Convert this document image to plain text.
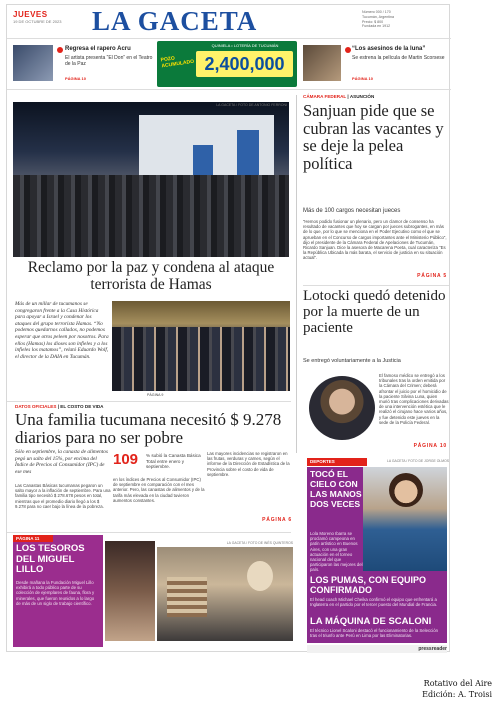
JUEVES
19 DE OCTUBRE DE 2023	LA GACETA	Número 000 / 170
Tucumán, Argentina
Precio: $ 800
Fundada en 1912
Regresa el rapero Acru
El artista presenta “El Don” en el Teatro de la Paz
PÁGINA 10
QUINIELA • LOTERÍA DE TUCUMÁN
POZO ACUMULADO 2,400,000
“Los asesinos de la luna”
Se estrena la película de Martin Scorsese
PÁGINA 10
LA GACETA / FOTO DE ANTONIO FERRONI
Reclamo por la paz y condena al ataque terrorista de Hamas
Más de un millar de tucumanos se congregaron frente a la Casa Histórica para apoyar a Israel y condenar los ataques del grupo terrorista Hamas. “No podemos quedarnos callados, no podemos esperar que otros peleen por nosotros. Para ellos (Hamas) los dioses son infieles y a los infieles los matamos”, relató Eduardo Wolf, el director de la DAIA en Tucumán.
PÁGINA 9
CÁMARA FEDERAL | ASUNCIÓN
Sanjuan pide que se cubran las vacantes y se deje la pelea política
Más de 100 cargos necesitan jueces
“Hemos podido fusionar un plenario, pero un clamor de consenso ha resultado de vacantes que hoy se cargan por jueces subrogantes, en más de lo que, por lo que se menciona en el Poder Ejecutivo como el que se aprueban en el Concurso de cargos importantes ante el Ministerio Público”, dijo el presidente de la Cámara Federal de Apelaciones de Tucumán, Ricardo Sanjuan. Dice la asesora de Macarena Poeta, cual caracteriza “Es la República Ubicada la más barata, el servicio de justicia en su situación actual”.
PÁGINA 5
Lotocki quedó detenido por la muerte de un paciente
Se entregó voluntariamente a la Justicia
El famoso médico se entregó a los tribunales tras la orden emitida por la Cámara del Crimen; deberá afrontar el juicio por el homicidio de la paciente Silvina Luna, quien murió tras complicaciones derivadas de una intervención estética que le realizó el cirujano hace varios años, y fue detenido este jueves en la sede de la Policía Federal.
PÁGINA 10
DATOS OFICIALES | EL COSTO DE VIDA
Una familia tucumana necesitó $ 9.278 diarios para no ser pobre
Sólo en septiembre, la canasta de alimentos pegó un salto del 15%, por encima del Índice de Precios al Consumidor (IPC) de ese mes
Las Canastas Básicas tucumanas pegaron un salto mayor a la inflación de septiembre. Para una familia tipo necesitó $ 278.678 pesos en total, mientras que el promedio diario llegó a los $ 9.278 para no caer bajo la línea de la pobreza.
109	% subió la Canasta Básica Total entre enero y septiembre.
en los índices de Precios al Consumidor (IPC) de septiembre en comparación con el mes anterior. Pero, las canastas de alimentos y de la tarifa más elevada en la ciudad tuvieron aumentos constantes.
Las mayores incidencias se registraron en las frutas, verduras y carnes, según el informe de la Dirección de Estadística de la Provincia sobre el costo de vida de septiembre.
PÁGINA 6
DEPORTES	LA GACETA / FOTO DE JORGE OLMOS
TOCÓ EL CIELO CON LAS MANOS DOS VECES
Lola Moreno Ibarra se proclamó campeona en patín artístico en Buenos Aires, con una gran actuación en el torneo nacional del que participaron las mejores del país.
LOS PUMAS, CON EQUIPO CONFIRMADO
El head coach Michael Cheika confirmó el equipo que enfrentará a Inglaterra en el partido por el tercer puesto del Mundial de Francia.
LA MÁQUINA DE SCALONI
El técnico Lionel Scaloni destacó el funcionamiento de la Selección tras el triunfo ante Perú en Lima por las Eliminatorias.
pressreader
PÁGINA 11
LOS TESOROS DEL MIGUEL LILLO
Desde mañana la Fundación Miguel Lillo exhibirá a todo público parte de su colección de ejemplares de fauna, flora y minerales, que fueron reunidos a lo largo de más de un siglo de trabajo científico.
LA GACETA / FOTO DE INÉS QUINTEROS
Rotativo del Aire
Edición: A. Troisi
